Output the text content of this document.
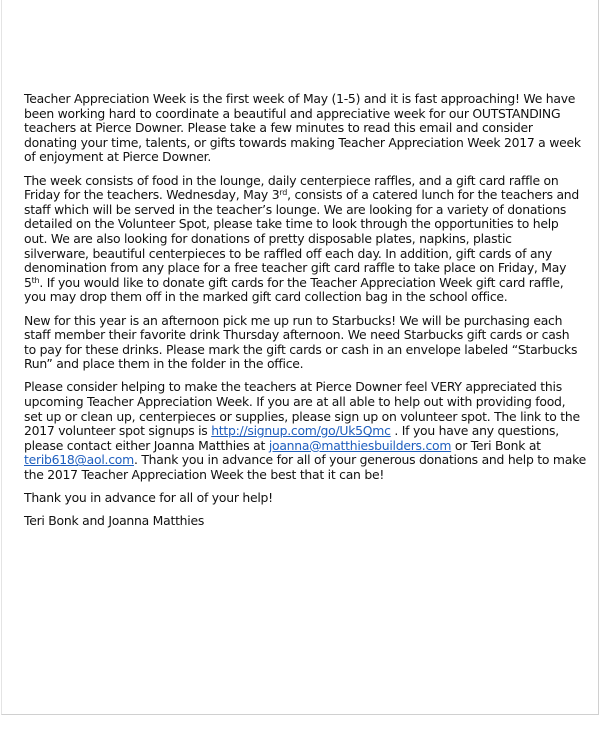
Teacher Appreciation Week is the first week of May (1-5) and it is fast approaching! We have
been working hard to coordinate a beautiful and appreciative week for our OUTSTANDING
teachers at Pierce Downer. Please take a few minutes to read this email and consider
donating your time, talents, or gifts towards making Teacher Appreciation Week 2017 a week
of enjoyment at Pierce Downer.
The week consists of food in the lounge, daily centerpiece raffles, and a gift card raffle on
Friday for the teachers. Wednesday, May 3rd, consists of a catered lunch for the teachers and
staff which will be served in the teacher’s lounge. We are looking for a variety of donations
detailed on the Volunteer Spot, please take time to look through the opportunities to help
out. We are also looking for donations of pretty disposable plates, napkins, plastic
silverware, beautiful centerpieces to be raffled off each day. In addition, gift cards of any
denomination from any place for a free teacher gift card raffle to take place on Friday, May
5th. If you would like to donate gift cards for the Teacher Appreciation Week gift card raffle,
you may drop them off in the marked gift card collection bag in the school office.
New for this year is an afternoon pick me up run to Starbucks! We will be purchasing each
staff member their favorite drink Thursday afternoon. We need Starbucks gift cards or cash
to pay for these drinks. Please mark the gift cards or cash in an envelope labeled “Starbucks
Run” and place them in the folder in the office.
Please consider helping to make the teachers at Pierce Downer feel VERY appreciated this
upcoming Teacher Appreciation Week. If you are at all able to help out with providing food,
set up or clean up, centerpieces or supplies, please sign up on volunteer spot. The link to the
2017 volunteer spot signups is http://signup.com/go/Uk5Qmc . If you have any questions,
please contact either Joanna Matthies at joanna@matthiesbuilders.com or Teri Bonk at
terib618@aol.com. Thank you in advance for all of your generous donations and help to make
the 2017 Teacher Appreciation Week the best that it can be!
Thank you in advance for all of your help!
Teri Bonk and Joanna Matthies
